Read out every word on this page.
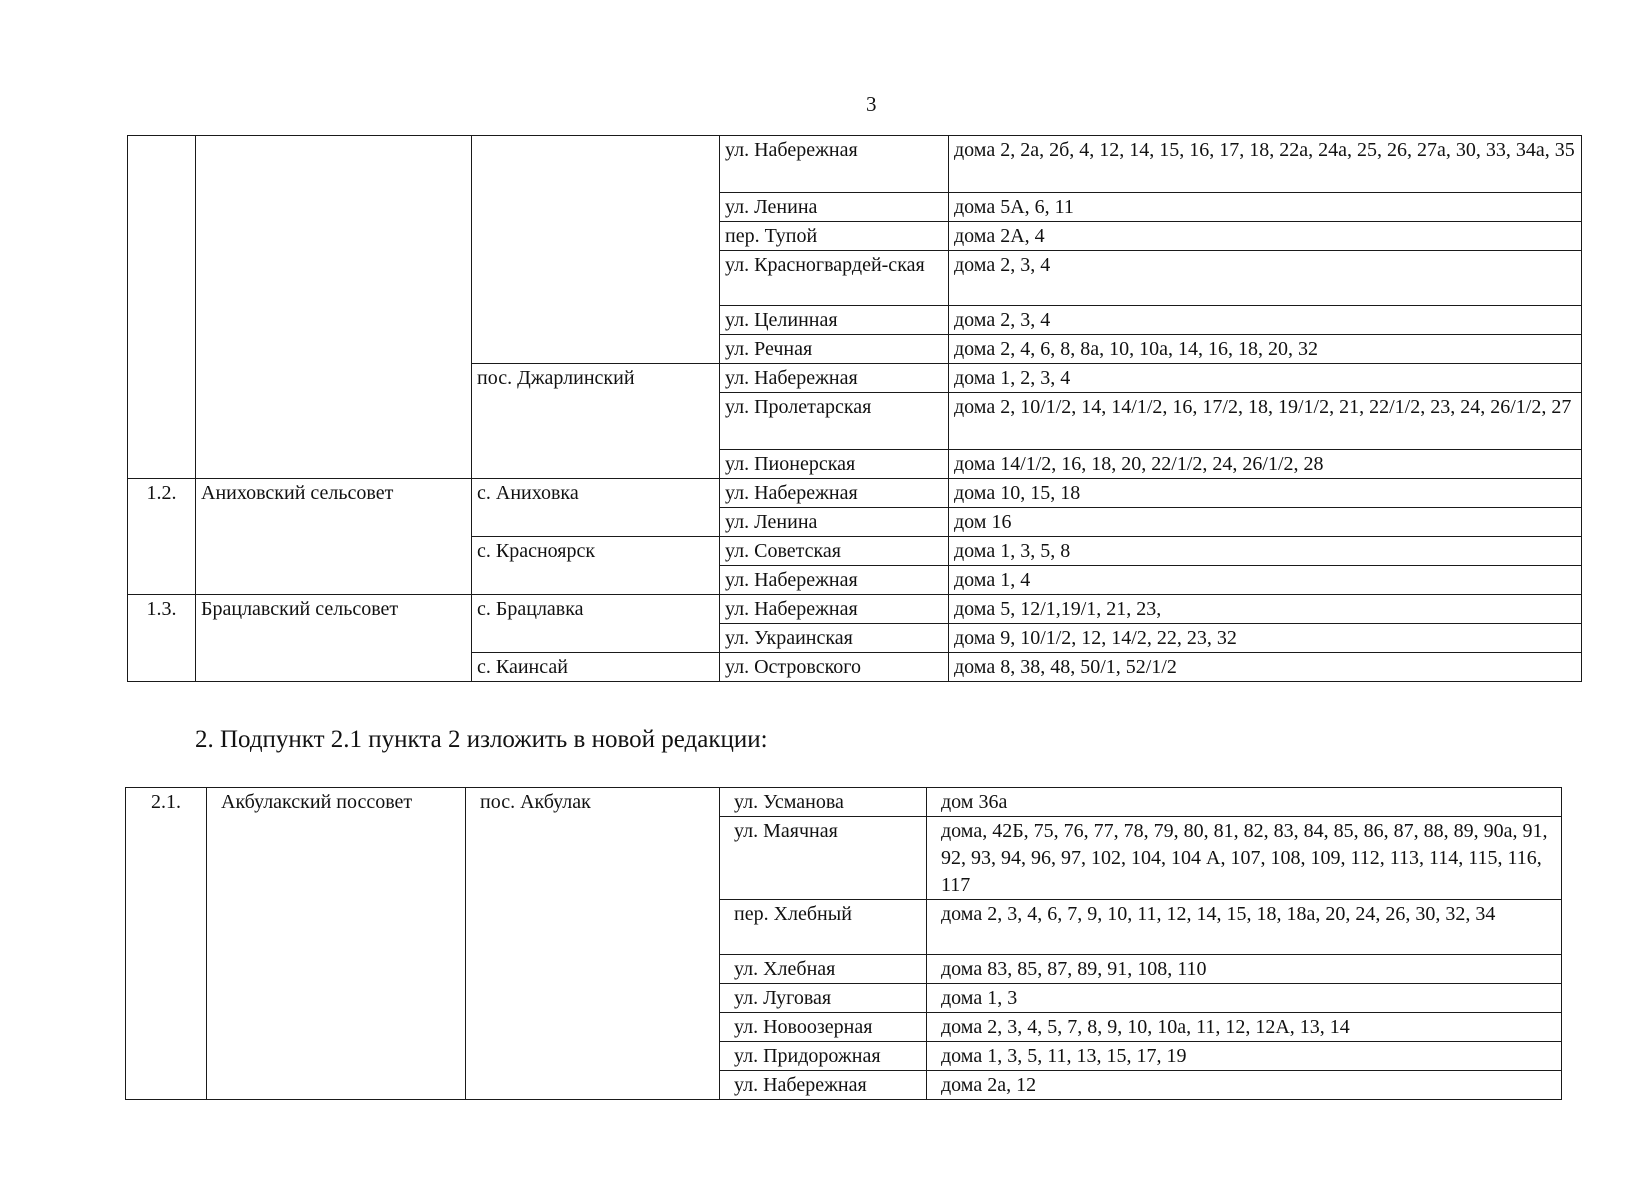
3
			ул. Набережная	дома 2, 2а, 2б, 4, 12, 14, 15, 16, 17, 18, 22а, 24а, 25, 26, 27а, 30, 33, 34а, 35
			ул. Ленина	дома 5А, 6, 11
			пер. Тупой	дома 2А, 4
			ул. Красногвардей-ская	дома 2, 3, 4
			ул. Целинная	дома 2, 3, 4
			ул. Речная	дома 2, 4, 6, 8, 8а, 10, 10а, 14, 16, 18, 20, 32
		пос. Джарлинский	ул. Набережная	дома 1, 2, 3, 4
			ул. Пролетарская	дома 2, 10/1/2, 14, 14/1/2, 16, 17/2, 18, 19/1/2, 21, 22/1/2, 23, 24, 26/1/2, 27
			ул. Пионерская	дома 14/1/2, 16, 18, 20, 22/1/2, 24, 26/1/2, 28
1.2.	Аниховский сельсовет	с. Аниховка	ул. Набережная	дома 10, 15, 18
			ул. Ленина	дом 16
		с. Красноярск	ул. Советская	дома 1, 3, 5, 8
			ул. Набережная	дома 1, 4
1.3.	Брацлавский сельсовет	с. Брацлавка	ул. Набережная	дома 5, 12/1,19/1, 21, 23,
			ул. Украинская	дома 9, 10/1/2, 12, 14/2, 22, 23, 32
		с. Каинсай	ул. Островского	дома 8, 38, 48, 50/1, 52/1/2
2. Подпункт 2.1 пункта 2 изложить в новой редакции:
2.1.	Акбулакский поссовет	пос. Акбулак	ул. Усманова	дом 36а
			ул. Маячная	дома, 42Б, 75, 76, 77, 78, 79, 80, 81, 82, 83, 84, 85, 86, 87, 88, 89, 90а, 91, 92, 93, 94, 96, 97, 102, 104, 104 А, 107, 108, 109, 112, 113, 114, 115, 116, 117
			пер. Хлебный	дома 2, 3, 4, 6, 7, 9, 10, 11, 12, 14, 15, 18, 18а, 20, 24, 26, 30, 32, 34
			ул. Хлебная	дома 83, 85, 87, 89, 91, 108, 110
			ул. Луговая	дома 1, 3
			ул. Новоозерная	дома 2, 3, 4, 5, 7, 8, 9, 10, 10а, 11, 12, 12А, 13, 14
			ул. Придорожная	дома 1, 3, 5, 11, 13, 15, 17, 19
			ул. Набережная	дома 2а, 12
